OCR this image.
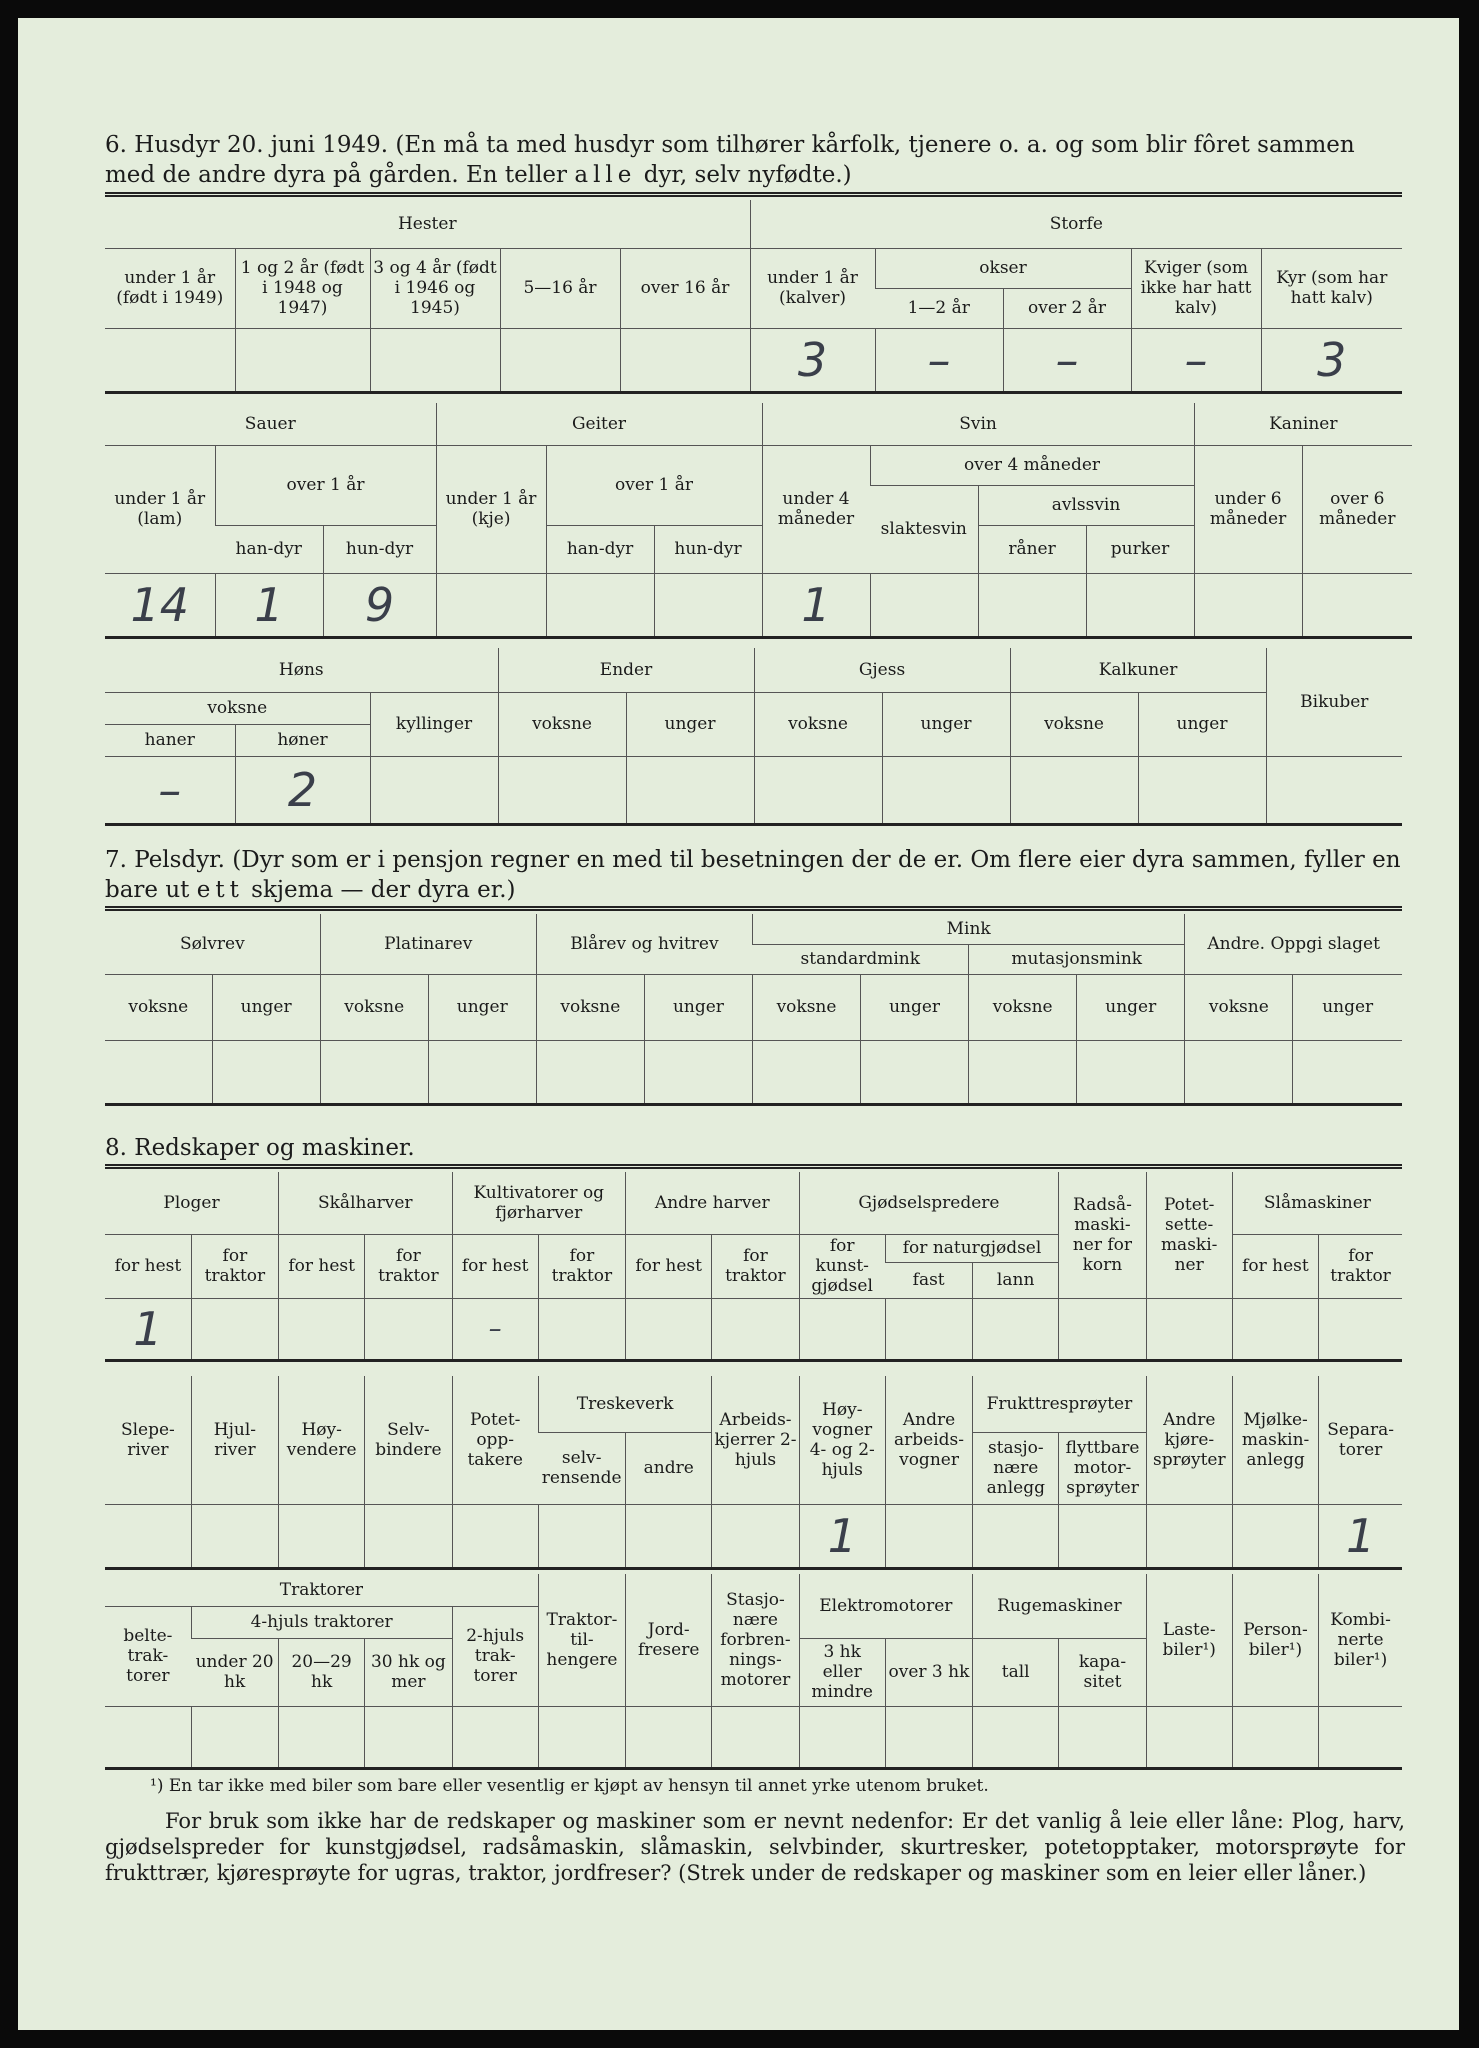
6. Husdyr 20. juni 1949. (En må ta med husdyr som tilhører kårfolk, tjenere o. a. og som blir fôret sammen med de andre dyra på gården. En teller alle dyr, selv nyfødte.)
Hester					Storfe				
under 1 år (født i 1949)	1 og 2 år (født i 1948 og 1947)	3 og 4 år (født i 1946 og 1945)	5—16 år	over 16 år	under 1 år (kalver)	okser		Kviger (som ikke har hatt kalv)	Kyr (som har hatt kalv)
						1—2 år	over 2 år		
					3	–	–	–	3
Sauer			Geiter			Svin				Kaniner	
under 1 år (lam)	over 1 år		under 1 år (kje)	over 1 år		under 4 måneder	over 4 måneder			under 6 måneder	over 6 måneder
							slaktesvin	avlssvin			
	han-dyr	hun-dyr		han-dyr	hun-dyr			råner	purker		
14	1	9				1					
Høns			Ender		Gjess		Kalkuner		Bikuber
voksne		kyllinger	voksne	unger	voksne	unger	voksne	unger	
haner	høner								
–	2								
7. Pelsdyr. (Dyr som er i pensjon regner en med til besetningen der de er. Om flere eier dyra sammen, fyller en bare ut ett skjema — der dyra er.)
Sølvrev		Platinarev		Blårev og hvitrev		Mink				Andre. Oppgi slaget	
						standardmink		mutasjonsmink			
voksne	unger	voksne	unger	voksne	unger	voksne	unger	voksne	unger	voksne	unger

8. Redskaper og maskiner.
Ploger		Skålharver		Kultivatorer og fjørharver		Andre harver		Gjødselspredere			Radså-maski-ner for korn	Potet-sette-maski-ner	Slåmaskiner	
for hest	for traktor	for hest	for traktor	for hest	for traktor	for hest	for traktor	for kunst-gjødsel	for naturgjødsel				for hest	for traktor
									fast	lann				
1				–										
Slepe-river	Hjul-river	Høy-vendere	Selv-bindere	Potet-opp-takere	Treskeverk		Arbeids-kjerrer 2-hjuls	Høy-vogner 4- og 2-hjuls	Andre arbeids-vogner	Frukttresprøyter		Andre kjøre-sprøyter	Mjølke-maskin-anlegg	Separa-torer
					selv-rensende	andre				stasjo-nære anlegg	flyttbare motor-sprøyter			
								1						1
Traktorer					Traktor-til-hengere	Jord-fresere	Stasjo-nære forbren-nings-motorer	Elektromotorer		Rugemaskiner		Laste-biler¹)	Person-biler¹)	Kombi-nerte biler¹)
belte-trak-torer	4-hjuls traktorer			2-hjuls trak-torer										
	under 20 hk	20—29 hk	30 hk og mer					3 hk eller mindre	over 3 hk	tall	kapa-sitet			

¹) En tar ikke med biler som bare eller vesentlig er kjøpt av hensyn til annet yrke utenom bruket.
For bruk som ikke har de redskaper og maskiner som er nevnt nedenfor: Er det vanlig å leie eller låne: Plog, harv, gjødselspreder for kunstgjødsel, radsåmaskin, slåmaskin, selvbinder, skurtresker, potetopptaker, motorsprøyte for frukttrær, kjøresprøyte for ugras, traktor, jordfreser? (Strek under de redskaper og maskiner som en leier eller låner.)
